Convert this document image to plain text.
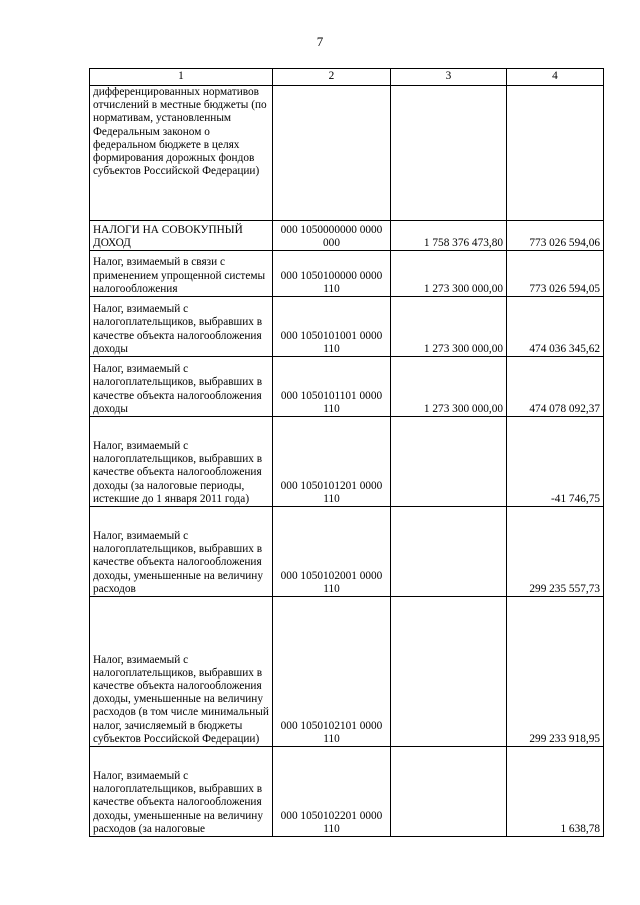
7
1	2	3	4
дифференцированных нормативов отчислений в местные бюджеты (по нормативам, установленным Федеральным законом о федеральном бюджете в целях формирования дорожных фондов субъектов Российской Федерации)			
НАЛОГИ НА СОВОКУПНЫЙ ДОХОД	000 1050000000 0000 000	1 758 376 473,80	773 026 594,06
Налог, взимаемый в связи с применением упрощенной системы налогообложения	000 1050100000 0000 110	1 273 300 000,00	773 026 594,05
Налог, взимаемый с налогоплательщиков, выбравших в качестве объекта налогообложения доходы	000 1050101001 0000 110	1 273 300 000,00	474 036 345,62
Налог, взимаемый с налогоплательщиков, выбравших в качестве объекта налогообложения доходы	000 1050101101 0000 110	1 273 300 000,00	474 078 092,37
Налог, взимаемый с налогоплательщиков, выбравших в качестве объекта налогообложения доходы (за налоговые периоды, истекшие до 1 января 2011 года)	000 1050101201 0000 110		-41 746,75
Налог, взимаемый с налогоплательщиков, выбравших в качестве объекта налогообложения доходы, уменьшенные на величину расходов	000 1050102001 0000 110		299 235 557,73
Налог, взимаемый с налогоплательщиков, выбравших в качестве объекта налогообложения доходы, уменьшенные на величину расходов (в том числе минимальный налог, зачисляемый в бюджеты субъектов Российской Федерации)	000 1050102101 0000 110		299 233 918,95
Налог, взимаемый с налогоплательщиков, выбравших в качестве объекта налогообложения доходы, уменьшенные на величину расходов (за налоговые	000 1050102201 0000 110		1 638,78
